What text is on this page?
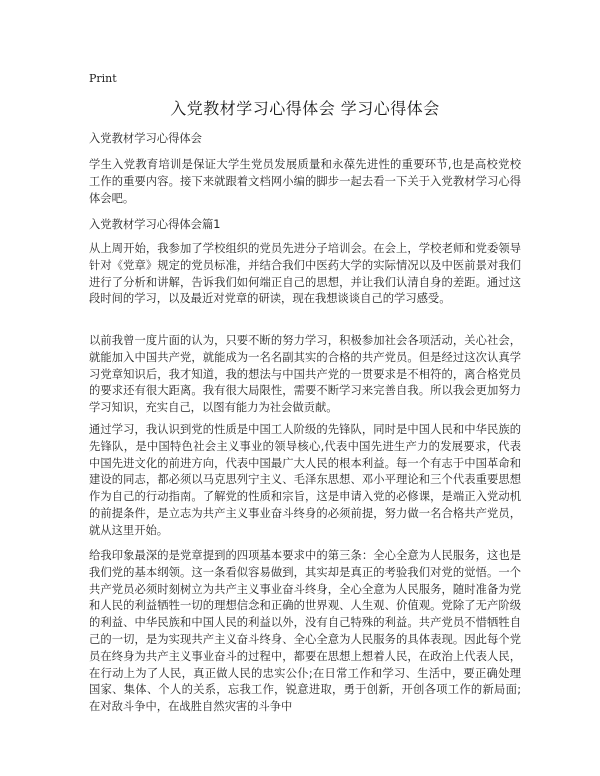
Print
入党教材学习心得体会 学习心得体会
入党教材学习心得体会
学生入党教育培训是保证大学生党员发展质量和永葆先进性的重要环节,也是高校党校工作的重要内容。接下来就跟着文档网小编的脚步一起去看一下关于入党教材学习心得体会吧。
入党教材学习心得体会篇1
从上周开始，我参加了学校组织的党员先进分子培训会。在会上，学校老师和党委领导针对《党章》规定的党员标准，并结合我们中医药大学的实际情况以及中医前景对我们进行了分析和讲解，告诉我们如何端正自己的思想，并让我们认清自身的差距。通过这段时间的学习，以及最近对党章的研读，现在我想谈谈自己的学习感受。
以前我曾一度片面的认为，只要不断的努力学习，积极参加社会各项活动，关心社会，就能加入中国共产党，就能成为一名名副其实的合格的共产党员。但是经过这次认真学习党章知识后，我才知道，我的想法与中国共产党的一贯要求是不相符的，离合格党员的要求还有很大距离。我有很大局限性，需要不断学习来完善自我。所以我会更加努力学习知识，充实自己，以图有能力为社会做贡献。
通过学习，我认识到党的性质是中国工人阶级的先锋队，同时是中国人民和中华民族的先锋队，是中国特色社会主义事业的领导核心,代表中国先进生产力的发展要求，代表中国先进文化的前进方向，代表中国最广大人民的根本利益。每一个有志于中国革命和建设的同志，都必须以马克思列宁主义、毛泽东思想、邓小平理论和三个代表重要思想作为自己的行动指南。了解党的性质和宗旨，这是申请入党的必修课，是端正入党动机的前提条件，是立志为共产主义事业奋斗终身的必须前提，努力做一名合格共产党员，就从这里开始。
给我印象最深的是党章提到的四项基本要求中的第三条：全心全意为人民服务，这也是我们党的基本纲领。这一条看似容易做到，其实却是真正的考验我们对党的觉悟。一个共产党员必须时刻树立为共产主义事业奋斗终身，全心全意为人民服务，随时准备为党和人民的利益牺牲一切的理想信念和正确的世界观、人生观、价值观。党除了无产阶级的利益、中华民族和中国人民的利益以外，没有自己特殊的利益。共产党员不惜牺牲自己的一切，是为实现共产主义奋斗终身、全心全意为人民服务的具体表现。因此每个党员在终身为共产主义事业奋斗的过程中，都要在思想上想着人民，在政治上代表人民，在行动上为了人民，真正做人民的忠实公仆;在日常工作和学习、生活中，要正确处理国家、集体、个人的关系，忘我工作，锐意进取，勇于创新，开创各项工作的新局面;在对敌斗争中，在战胜自然灾害的斗争中
